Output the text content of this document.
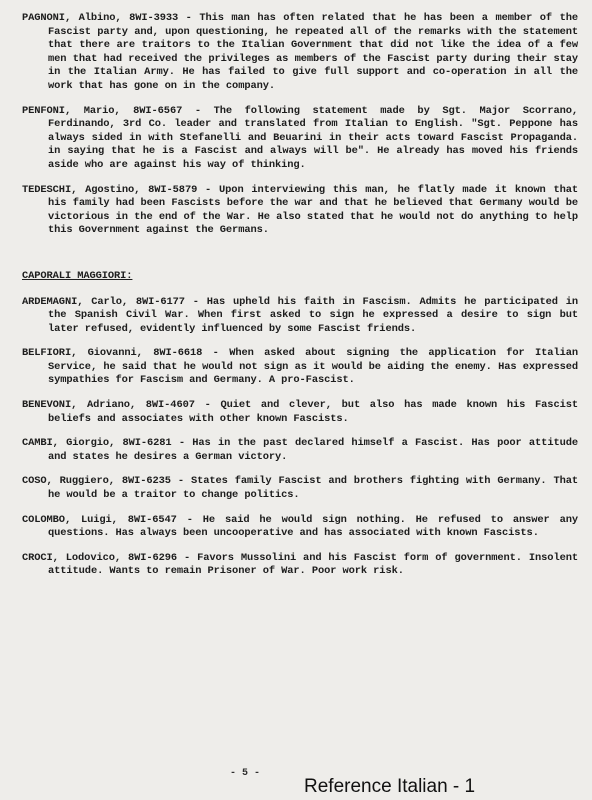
PAGNONI, Albino, 8WI-3933 - This man has often related that he has been a member of the Fascist party and, upon questioning, he repeated all of the remarks with the statement that there are traitors to the Italian Government that did not like the idea of a few men that had received the privileges as members of the Fascist party during their stay in the Italian Army. He has failed to give full support and co-operation in all the work that has gone on in the company.

PENFONI, Mario, 8WI-6567 - The following statement made by Sgt. Major Scorrano, Ferdinando, 3rd Co. leader and translated from Italian to English. "Sgt. Peppone has always sided in with Stefanelli and Beuarini in their acts toward Fascist Propaganda. in saying that he is a Fascist and always will be". He already has moved his friends aside who are against his way of thinking.

TEDESCHI, Agostino, 8WI-5879 - Upon interviewing this man, he flatly made it known that his family had been Fascists before the war and that he believed that Germany would be victorious in the end of the War. He also stated that he would not do anything to help this Government against the Germans.

CAPORALI MAGGIORI:

ARDEMAGNI, Carlo, 8WI-6177 - Has upheld his faith in Fascism. Admits he participated in the Spanish Civil War. When first asked to sign he expressed a desire to sign but later refused, evidently influenced by some Fascist friends.

BELFIORI, Giovanni, 8WI-6618 - When asked about signing the application for Italian Service, he said that he would not sign as it would be aiding the enemy. Has expressed sympathies for Fascism and Germany. A pro-Fascist.

BENEVONI, Adriano, 8WI-4607 - Quiet and clever, but also has made known his Fascist beliefs and associates with other known Fascists.

CAMBI, Giorgio, 8WI-6281 - Has in the past declared himself a Fascist. Has poor attitude and states he desires a German victory.

COSO, Ruggiero, 8WI-6235 - States family Fascist and brothers fighting with Germany. That he would be a traitor to change politics.

COLOMBO, Luigi, 8WI-6547 - He said he would sign nothing. He refused to answer any questions. Has always been uncooperative and has associated with known Fascists.

CROCI, Lodovico, 8WI-6296 - Favors Mussolini and his Fascist form of government. Insolent attitude. Wants to remain Prisoner of War. Poor work risk.

- 5 -
Reference Italian - 1
